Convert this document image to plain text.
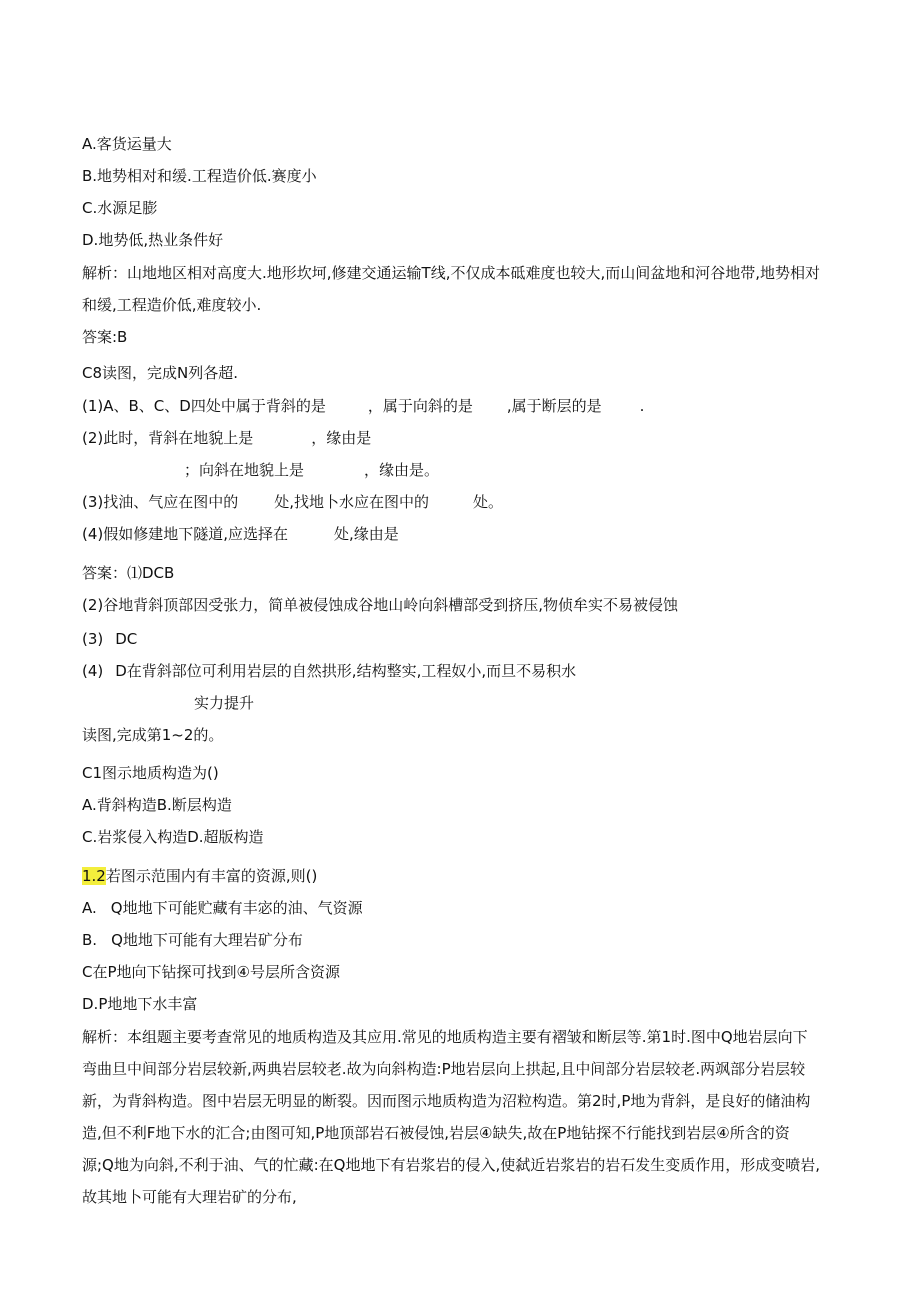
A.客货运量大
B.地势相对和缓.工程造价低.赛度小
C.水源足膨
D.地势低,热业条件好
解析：山地地区相对高度大.地形坎坷,修建交通运输T线,不仅成本砥难度也较大,而山间盆地和河谷地带,地势相对
和缓,工程造价低,难度较小.
答案:B
C8读图，完成N列各超.
(1)A、B、C、D四处中属于背斜的是	，属于向斜的是 ,属于断层的是	.
(2)此时，背斜在地貌上是	，缘由是
；向斜在地貌上是	，缘由是。
(3)找油、气应在图中的 处,找地卜水应在图中的	处。
(4)假如修建地下隧道,应选择在	处,缘由是
答案：⑴DCB
(2)谷地背斜顶部因受张力，简单被侵蚀成谷地山岭向斜槽部受到挤压,物侦牟实不易被侵蚀
(3) DC
(4) D在背斜部位可利用岩层的自然拱形,结构整实,工程奴小,而旦不易积水
实力提升
读图,完成第1~2的。
C1图示地质构造为()
A.背斜构造B.断层构造
C.岩浆侵入构造D.超版构造
1.2若图示范围内有丰富的资源,则()
A. Q地地下可能贮藏有丰宓的油、气资源
B. Q地地下可能有大理岩矿分布
C在P地向下钻探可找到④号层所含资源
D.P地地下水丰富
解析：本组题主要考查常见的地质构造及其应用.常见的地质构造主要有褶皱和断层等.第1时.图中Q地岩层向下
弯曲旦中间部分岩层较新,两典岩层较老.故为向斜构造:P地岩层向上拱起,且中间部分岩层较老.两飒部分岩层较
新，为背斜构造。图中岩层无明显的断裂。因而图示地质构造为沼粒构造。第2时,P地为背斜，是良好的储油构
造,但不利F地下水的汇合;由图可知,P地顶部岩石被侵蚀,岩层④缺失,故在P地钻探不行能找到岩层④所含的资
源;Q地为向斜,不利于油、气的忙藏:在Q地地下有岩浆岩的侵入,使弑近岩浆岩的岩石发生变质作用，形成变喷岩,
故其地卜可能有大理岩矿的分布,
